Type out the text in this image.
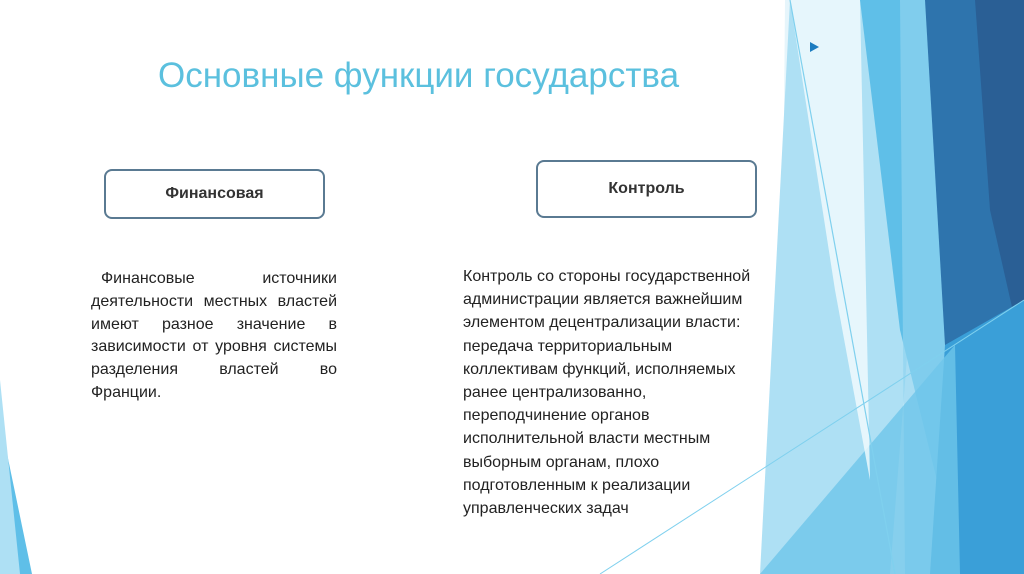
Основные функции государства
Финансовая	Контроль
Финансовые источники деятельности местных властей имеют разное значение в зависимости от уровня системы разделения властей во Франции.
Контроль со стороны государственной
администрации является важнейшим
элементом децентрализации власти:
передача территориальным
коллективам функций, исполняемых
ранее централизованно,
переподчинение органов
исполнительной власти местным
выборным органам, плохо
подготовленным к реализации
управленческих задач
